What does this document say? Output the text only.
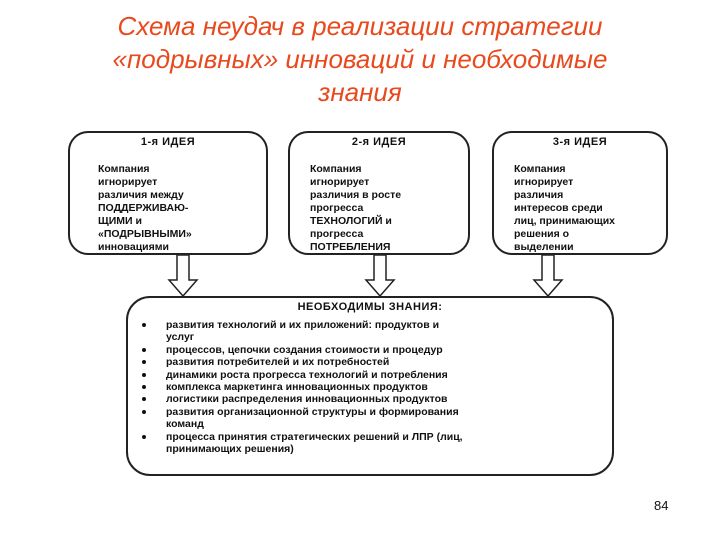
Схема неудач в реализации стратегии
«подрывных» инноваций и необходимые
знания
1-я ИДЕЯ
Компания
игнорирует
различия между
ПОДДЕРЖИВАЮ-
ЩИМИ и
«ПОДРЫВНЫМИ»
инновациями
2-я ИДЕЯ
Компания
игнорирует
различия в росте
прогресса
ТЕХНОЛОГИЙ и
прогресса
ПОТРЕБЛЕНИЯ
3-я ИДЕЯ
Компания
игнорирует
различия
интересов среди
лиц, принимающих
решения о
выделении
НЕОБХОДИМЫ ЗНАНИЯ:
развития технологий и их приложений: продуктов и
услуг
процессов, цепочки создания стоимости и процедур
развития потребителей и их потребностей
динамики роста прогресса технологий и потребления
комплекса маркетинга инновационных продуктов
логистики распределения инновационных продуктов
развития организационной структуры и формирования
команд
процесса принятия стратегических решений и ЛПР (лиц,
принимающих решения)
84
